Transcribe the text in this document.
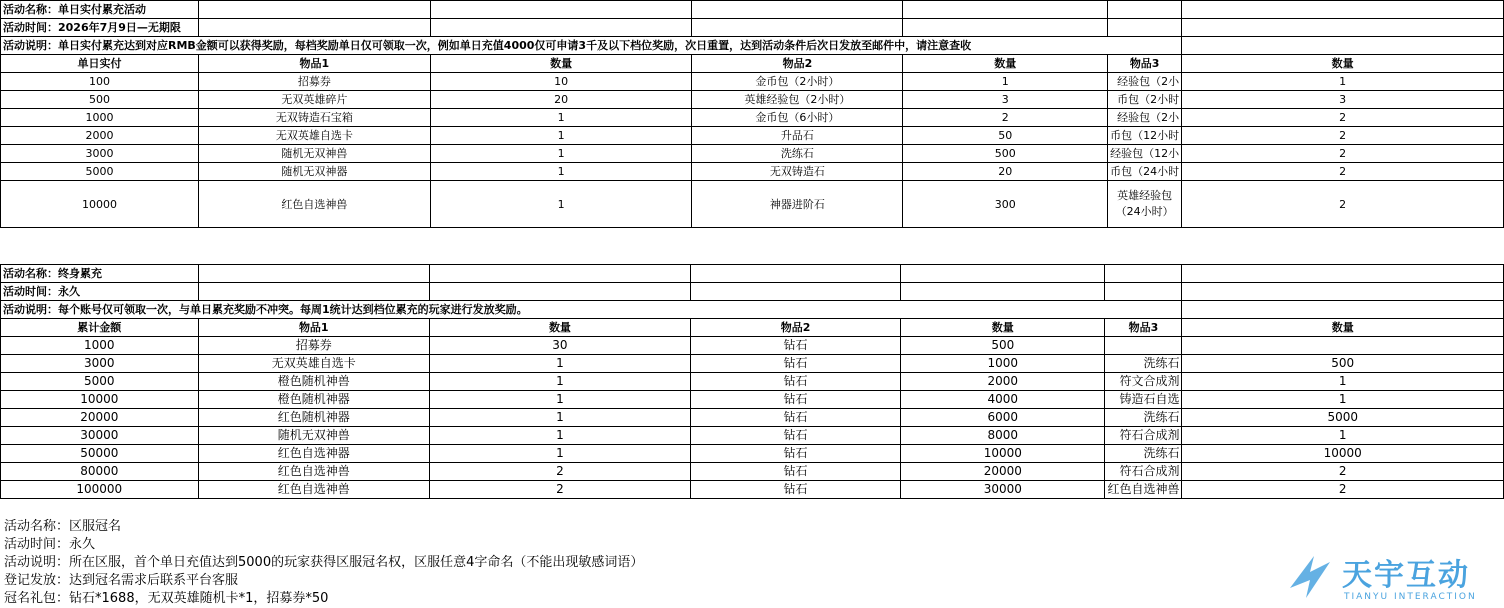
活动名称：单日实付累充活动						
活动时间：2026年7月9日—无期限						
活动说明：单日实付累充达到对应RMB金额可以获得奖励，每档奖励单日仅可领取一次，例如单日充值4000仅可申请3千及以下档位奖励，次日重置，达到活动条件后次日发放至邮件中，请注意查收						
单日实付	物品1	数量	物品2	数量	物品3	数量
100	招募券	10	金币包（2小时）	1	经验包（2小	1
500	无双英雄碎片	20	英雄经验包（2小时）	3	币包（2小时	3
1000	无双铸造石宝箱	1	金币包（6小时）	2	经验包（2小	2
2000	无双英雄自选卡	1	升品石	50	币包（12小时	2
3000	随机无双神兽	1	洗练石	500	经验包（12小	2
5000	随机无双神器	1	无双铸造石	20	币包（24小时	2
10000	红色自选神兽	1	神器进阶石	300	英雄经验包（24小时）	2
活动名称：终身累充						
活动时间：永久						
活动说明：每个账号仅可领取一次，与单日累充奖励不冲突。每周1统计达到档位累充的玩家进行发放奖励。						
累计金额	物品1	数量	物品2	数量	物品3	数量
1000	招募券	30	钻石	500		
3000	无双英雄自选卡	1	钻石	1000	洗练石	500
5000	橙色随机神兽	1	钻石	2000	符文合成剂	1
10000	橙色随机神器	1	钻石	4000	铸造石自选	1
20000	红色随机神器	1	钻石	6000	洗练石	5000
30000	随机无双神兽	1	钻石	8000	符石合成剂	1
50000	红色自选神器	1	钻石	10000	洗练石	10000
80000	红色自选神兽	2	钻石	20000	符石合成剂	2
100000	红色自选神兽	2	钻石	30000	红色自选神兽	2
活动名称：区服冠名
活动时间：永久
活动说明：所在区服，首个单日充值达到5000的玩家获得区服冠名权，区服任意4字命名（不能出现敏感词语）
登记发放：达到冠名需求后联系平台客服
冠名礼包：钻石*1688，无双英雄随机卡*1，招募券*50
天宇互动
TIANYU INTERACTION
